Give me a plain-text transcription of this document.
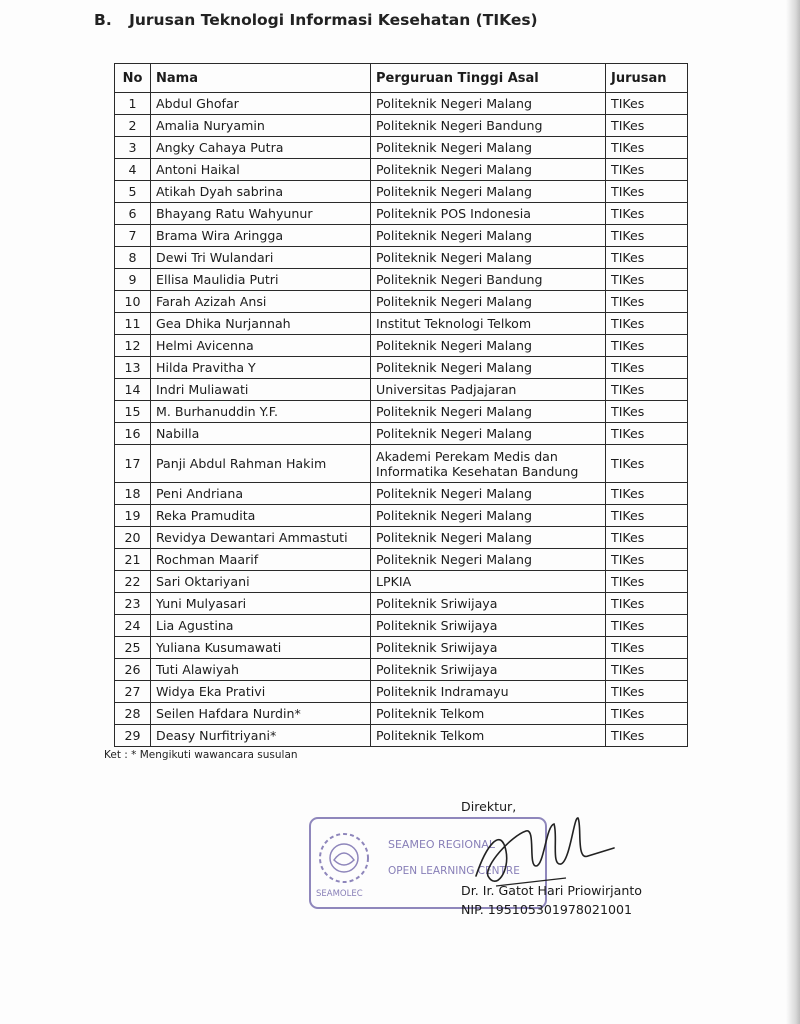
B. Jurusan Teknologi Informasi Kesehatan (TIKes)
No	Nama	Perguruan Tinggi Asal	Jurusan
1	Abdul Ghofar	Politeknik Negeri Malang	TIKes
2	Amalia Nuryamin	Politeknik Negeri Bandung	TIKes
3	Angky Cahaya Putra	Politeknik Negeri Malang	TIKes
4	Antoni Haikal	Politeknik Negeri Malang	TIKes
5	Atikah Dyah sabrina	Politeknik Negeri Malang	TIKes
6	Bhayang Ratu Wahyunur	Politeknik POS Indonesia	TIKes
7	Brama Wira Aringga	Politeknik Negeri Malang	TIKes
8	Dewi Tri Wulandari	Politeknik Negeri Malang	TIKes
9	Ellisa Maulidia Putri	Politeknik Negeri Bandung	TIKes
10	Farah Azizah Ansi	Politeknik Negeri Malang	TIKes
11	Gea Dhika Nurjannah	Institut Teknologi Telkom	TIKes
12	Helmi Avicenna	Politeknik Negeri Malang	TIKes
13	Hilda Pravitha Y	Politeknik Negeri Malang	TIKes
14	Indri Muliawati	Universitas Padjajaran	TIKes
15	M. Burhanuddin Y.F.	Politeknik Negeri Malang	TIKes
16	Nabilla	Politeknik Negeri Malang	TIKes
17	Panji Abdul Rahman Hakim	Akademi Perekam Medis dan Informatika Kesehatan Bandung	TIKes
18	Peni Andriana	Politeknik Negeri Malang	TIKes
19	Reka Pramudita	Politeknik Negeri Malang	TIKes
20	Revidya Dewantari Ammastuti	Politeknik Negeri Malang	TIKes
21	Rochman Maarif	Politeknik Negeri Malang	TIKes
22	Sari Oktariyani	LPKIA	TIKes
23	Yuni Mulyasari	Politeknik Sriwijaya	TIKes
24	Lia Agustina	Politeknik Sriwijaya	TIKes
25	Yuliana Kusumawati	Politeknik Sriwijaya	TIKes
26	Tuti Alawiyah	Politeknik Sriwijaya	TIKes
27	Widya Eka Prativi	Politeknik Indramayu	TIKes
28	Seilen Hafdara Nurdin*	Politeknik Telkom	TIKes
29	Deasy Nurfitriyani*	Politeknik Telkom	TIKes
Ket : * Mengikuti wawancara susulan
Direktur,
SEAMEO REGIONAL
OPEN LEARNING CENTRE
SEAMOLEC	Dr. Ir. Gatot Hari Priowirjanto
NIP. 195105301978021001
